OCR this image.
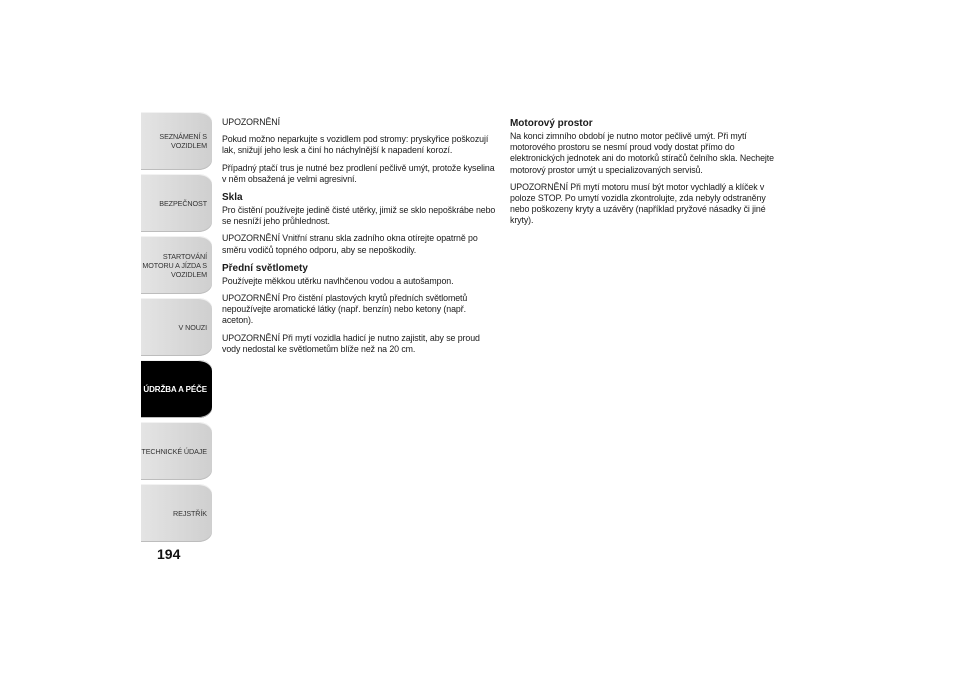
SEZNÁMENÍ S
VOZIDLEM
BEZPEČNOST
STARTOVÁNÍ
MOTORU A JÍZDA S
VOZIDLEM
V NOUZI
ÚDRŽBA A PÉČE
TECHNICKÉ ÚDAJE
REJSTŘÍK
194

UPOZORNĚNÍ

Pokud možno neparkujte s vozidlem pod stromy: pryskyřice poškozují lak, snižují jeho lesk a činí ho náchylnější k napadení korozí.

Případný ptačí trus je nutné bez prodlení pečlivě umýt, protože kyselina v něm obsažená je velmi agresivní.

Skla

Pro čistění používejte jedině čisté utěrky, jimiž se sklo nepoškrábe nebo se nesníží jeho průhlednost.

UPOZORNĚNÍ Vnitřní stranu skla zadního okna otírejte opatrně po směru vodičů topného odporu, aby se nepoškodily.

Přední světlomety

Používejte měkkou utěrku navlhčenou vodou a autošampon.

UPOZORNĚNÍ Pro čistění plastových krytů předních světlometů nepoužívejte aromatické látky (např. benzín) nebo ketony (např. aceton).

UPOZORNĚNÍ Při mytí vozidla hadicí je nutno zajistit, aby se proud vody nedostal ke světlometům blíže než na 20 cm.

Motorový prostor

Na konci zimního období je nutno motor pečlivě umýt. Při mytí motorového prostoru se nesmí proud vody dostat přímo do elektronických jednotek ani do motorků stíračů čelního skla. Nechejte motorový prostor umýt u specializovaných servisů.

UPOZORNĚNÍ Při mytí motoru musí být motor vychladlý a klíček v poloze STOP. Po umytí vozidla zkontrolujte, zda nebyly odstraněny nebo poškozeny kryty a uzávěry (například pryžové násadky či jiné kryty).
